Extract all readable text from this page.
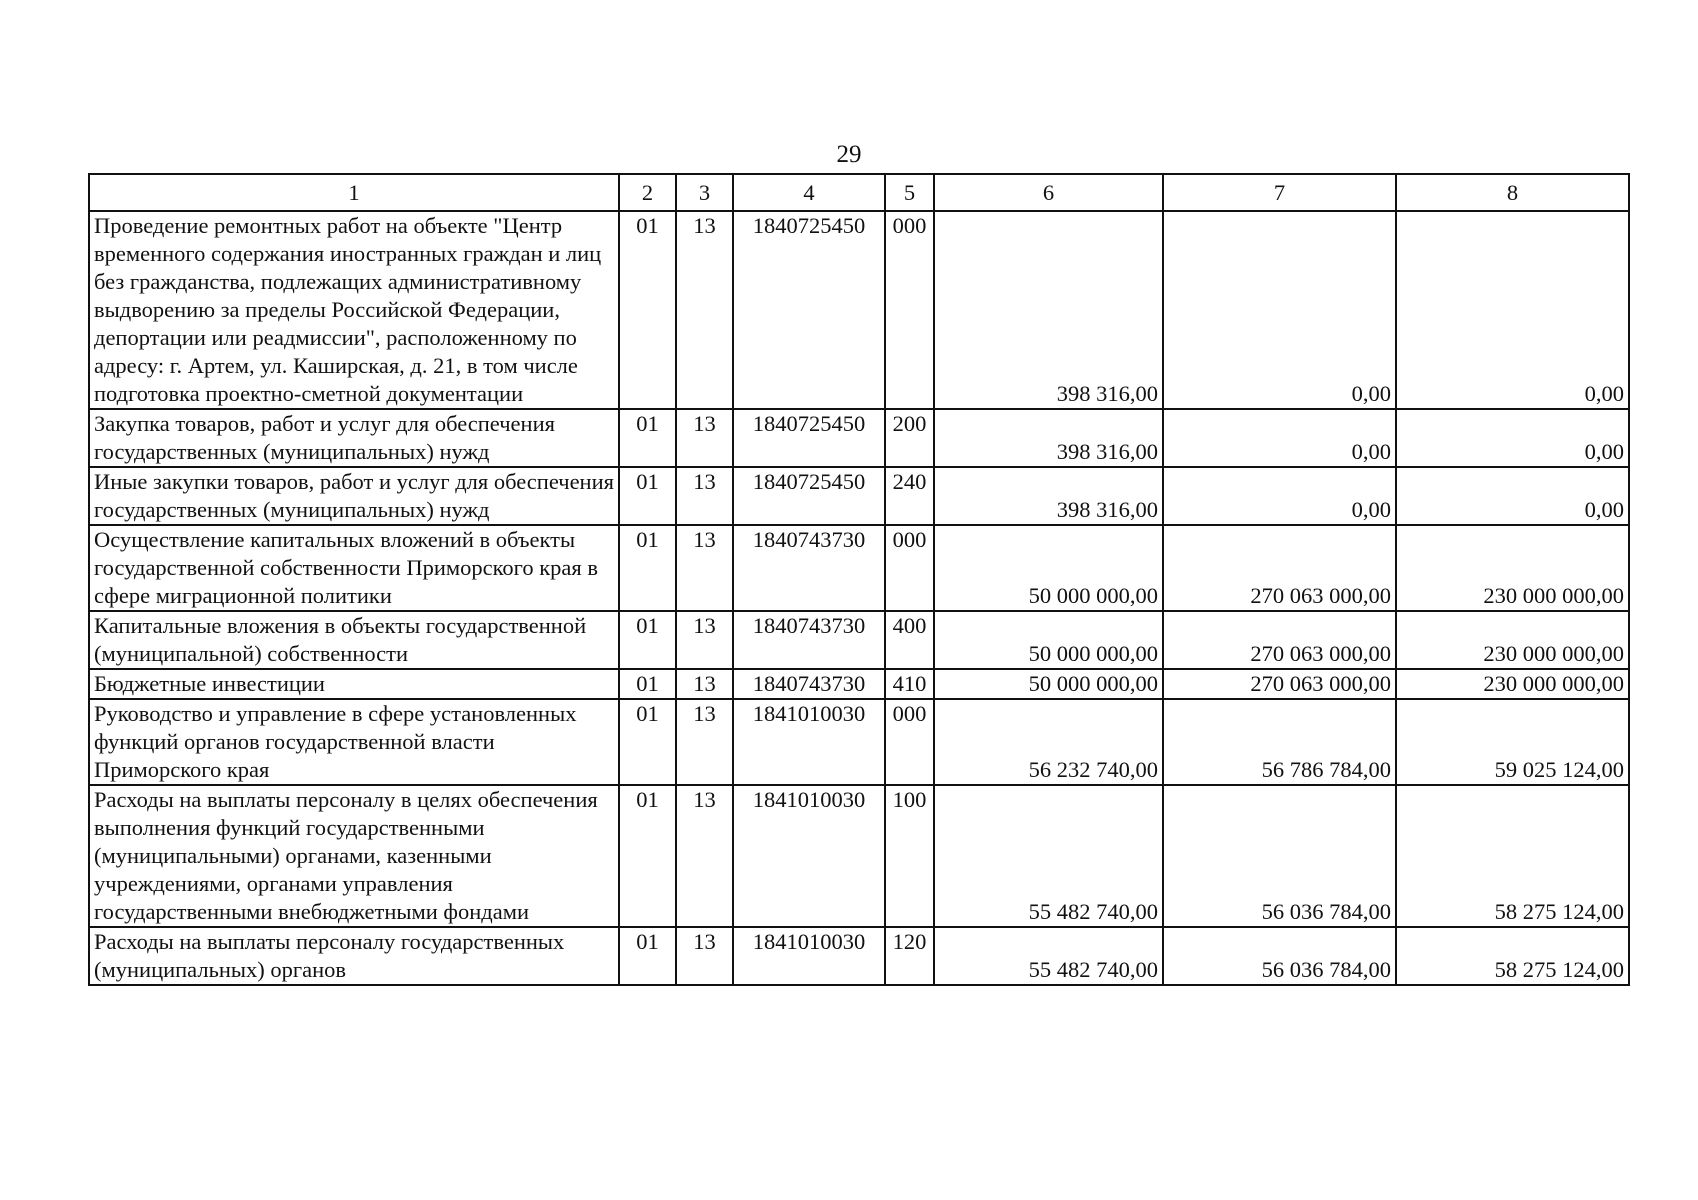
29
1	2	3	4	5	6	7	8
Проведение ремонтных работ на объекте "Центр временного содержания иностранных граждан и лиц без гражданства, подлежащих административному выдворению за пределы Российской Федерации, депортации или реадмиссии", расположенному по адресу: г. Артем, ул. Каширская, д. 21, в том числе подготовка проектно-сметной документации	01	13	1840725450	000	398 316,00	0,00	0,00
Закупка товаров, работ и услуг для обеспечения государственных (муниципальных) нужд	01	13	1840725450	200	398 316,00	0,00	0,00
Иные закупки товаров, работ и услуг для обеспечения государственных (муниципальных) нужд	01	13	1840725450	240	398 316,00	0,00	0,00
Осуществление капитальных вложений в объекты государственной собственности Приморского края в сфере миграционной политики	01	13	1840743730	000	50 000 000,00	270 063 000,00	230 000 000,00
Капитальные вложения в объекты государственной (муниципальной) собственности	01	13	1840743730	400	50 000 000,00	270 063 000,00	230 000 000,00
Бюджетные инвестиции	01	13	1840743730	410	50 000 000,00	270 063 000,00	230 000 000,00
Руководство и управление в сфере установленных функций органов государственной власти Приморского края	01	13	1841010030	000	56 232 740,00	56 786 784,00	59 025 124,00
Расходы на выплаты персоналу в целях обеспечения выполнения функций государственными (муниципальными) органами, казенными учреждениями, органами управления государственными внебюджетными фондами	01	13	1841010030	100	55 482 740,00	56 036 784,00	58 275 124,00
Расходы на выплаты персоналу государственных (муниципальных) органов	01	13	1841010030	120	55 482 740,00	56 036 784,00	58 275 124,00
